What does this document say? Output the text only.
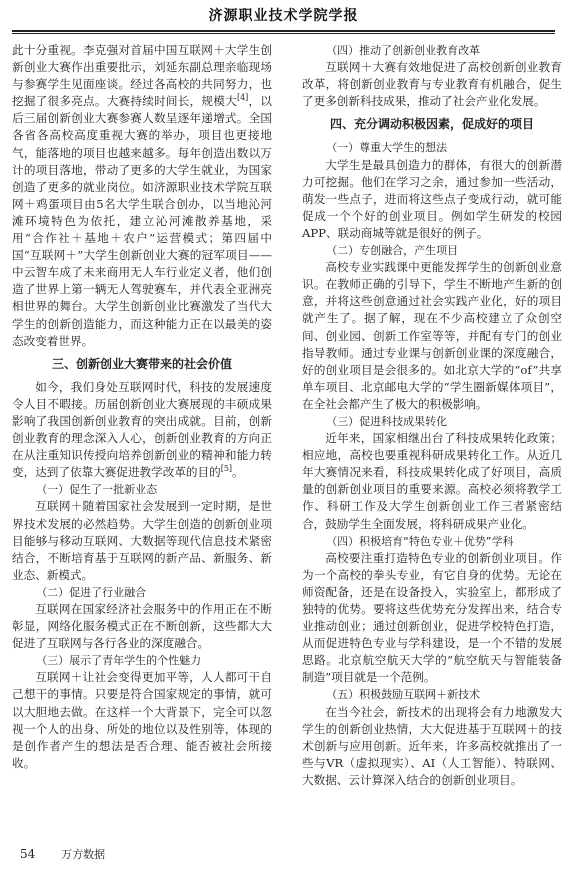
济源职业技术学院学报

此十分重视。李克强对首届中国互联网＋大学生创新创业大赛作出重要批示，刘延东副总理亲临现场与参赛学生见面座谈。经过各高校的共同努力，也挖掘了很多亮点。大赛持续时间长，规模大[4]，以后三届创新创业大赛参赛人数呈逐年递增式。全国各省各高校高度重视大赛的举办，项目也更接地气，能落地的项目也越来越多。每年创造出数以万计的项目落地，带动了更多的大学生就业，为国家创造了更多的就业岗位。如济源职业技术学院互联网＋鸡蛋项目由5名大学生联合创办，以当地沁河滩环境特色为依托，建立沁河滩散养基地，采用“合作社＋基地＋农户”运营模式；第四届中国“互联网＋”大学生创新创业大赛的冠军项目——中云智车成了未来商用无人车行业定义者，他们创造了世界上第一辆无人驾驶赛车，并代表全亚洲亮相世界的舞台。大学生创新创业比赛激发了当代大学生的创新创造能力，而这种能力正在以最美的姿态改变着世界。

三、创新创业大赛带来的社会价值

如今，我们身处互联网时代，科技的发展速度令人目不暇接。历届创新创业大赛展现的丰硕成果影响了我国创新创业教育的突出成就。目前，创新创业教育的理念深入人心，创新创业教育的方向正在从注重知识传授向培养创新创业的精神和能力转变，达到了依靠大赛促进教学改革的目的[5]。

（一）促生了一批新业态

互联网＋随着国家社会发展到一定时期，是世界技术发展的必然趋势。大学生创造的创新创业项目能够与移动互联网、大数据等现代信息技术紧密结合，不断培育基于互联网的新产品、新服务、新业态、新模式。

（二）促进了行业融合

互联网在国家经济社会服务中的作用正在不断彰显，网络化服务模式正在不断创新，这些都大大促进了互联网与各行各业的深度融合。

（三）展示了青年学生的个性魅力

互联网＋让社会变得更加平等，人人都可干自己想干的事情。只要是符合国家规定的事情，就可以大胆地去做。在这样一个大背景下，完全可以忽视一个人的出身、所处的地位以及性别等，体现的是创作者产生的想法是否合理、能否被社会所接收。

（四）推动了创新创业教育改革

互联网＋大赛有效地促进了高校创新创业教育改革，将创新创业教育与专业教育有机融合，促生了更多创新科技成果，推动了社会产业化发展。

四、充分调动积极因素，促成好的项目
（一）尊重大学生的想法

大学生是最具创造力的群体，有很大的创新潜力可挖掘。他们在学习之余，通过参加一些活动，萌发一些点子，进而将这些点子变成行动，就可能促成一个个好的创业项目。例如学生研发的校园APP、联动商城等就是很好的例子。

（二）专创融合，产生项目

高校专业实践课中更能发挥学生的创新创业意识。在教师正确的引导下，学生不断地产生新的创意，并将这些创意通过社会实践产业化，好的项目就产生了。据了解，现在不少高校建立了众创空间、创业园、创新工作室等等，并配有专门的创业指导教师。通过专业课与创新创业课的深度融合，好的创业项目是会很多的。如北京大学的“of”共享单车项目、北京邮电大学的“学生圈新媒体项目”，在全社会都产生了极大的积极影响。

（三）促进科技成果转化

近年来，国家相继出台了科技成果转化政策；相应地，高校也要重视科研成果转化工作。从近几年大赛情况来看，科技成果转化成了好项目，高质量的创新创业项目的重要来源。高校必须将教学工作、科研工作及大学生创新创业工作三者紧密结合，鼓励学生全面发展，将科研成果产业化。

（四）积极培育“特色专业＋优势”学科

高校要注重打造特色专业的创新创业项目。作为一个高校的拳头专业，有它自身的优势。无论在师资配备，还是在设备投入，实验室上，都形成了独特的优势。要将这些优势充分发挥出来，结合专业推动创业；通过创新创业，促进学校特色打造，从而促进特色专业与学科建设，是一个不错的发展思路。北京航空航天大学的“航空航天与智能装备制造”项目就是一个范例。

（五）积极鼓励互联网＋新技术

在当今社会，新技术的出现将会有力地激发大学生的创新创业热情，大大促进基于互联网＋的技术创新与应用创新。近年来，许多高校就推出了一些与VR（虚拟现实）、AI（人工智能）、特联网、大数据、云计算深入结合的创新创业项目。

54 万方数据
